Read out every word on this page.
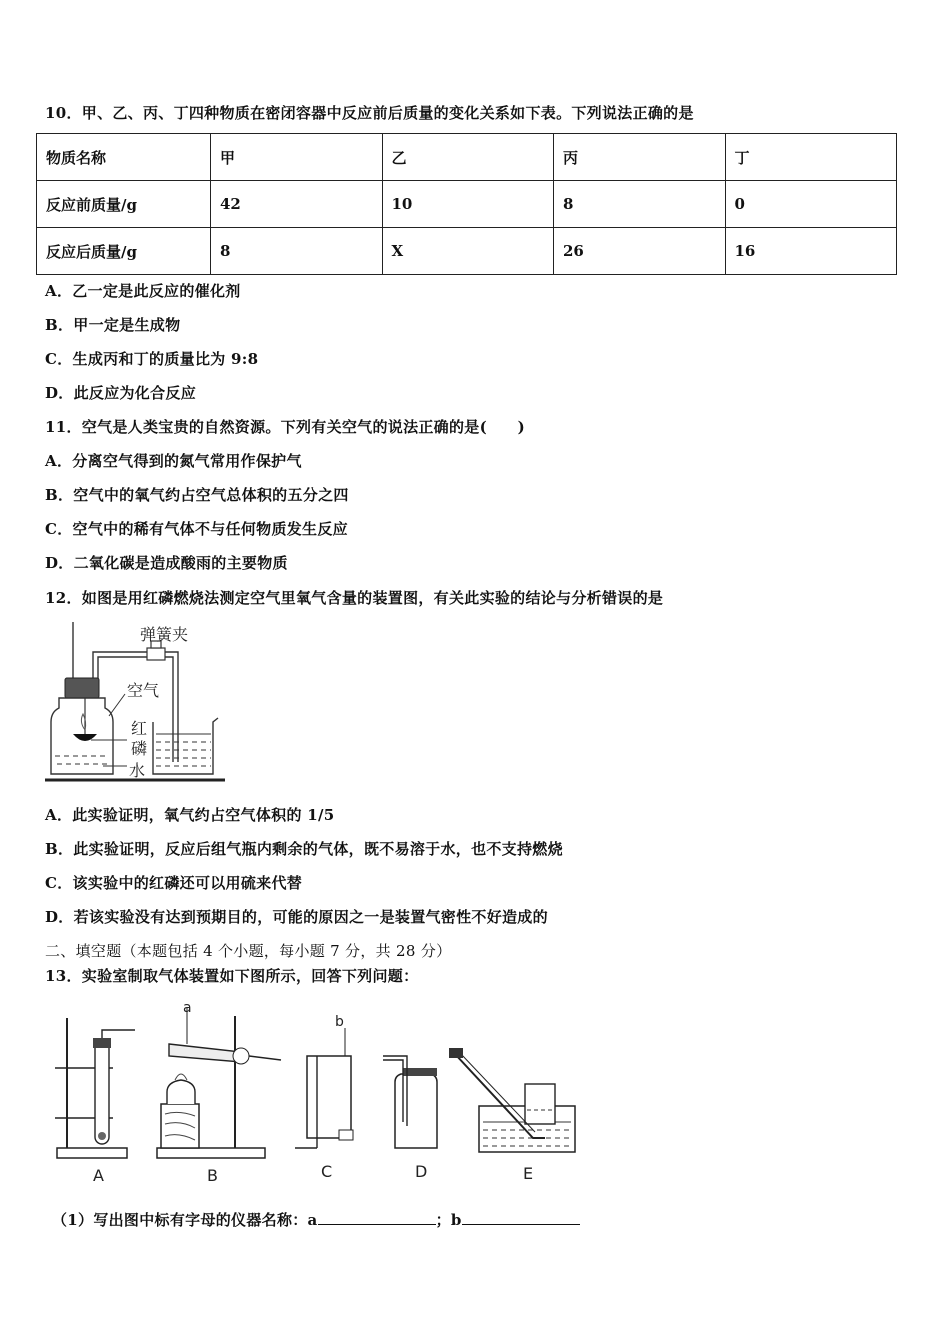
10．甲、乙、丙、丁四种物质在密闭容器中反应前后质量的变化关系如下表。下列说法正确的是
物质名称	甲	乙	丙	丁
反应前质量/g	42	10	8	0
反应后质量/g	8	X	26	16
A．乙一定是此反应的催化剂
B．甲一定是生成物
C．生成丙和丁的质量比为 9:8
D．此反应为化合反应
11．空气是人类宝贵的自然资源。下列有关空气的说法正确的是(　　)
A．分离空气得到的氮气常用作保护气
B．空气中的氧气约占空气总体积的五分之四
C．空气中的稀有气体不与任何物质发生反应
D．二氧化碳是造成酸雨的主要物质
12．如图是用红磷燃烧法测定空气里氧气含量的装置图，有关此实验的结论与分析错误的是
弹簧夹
空气
红
磷
水
A．此实验证明，氧气约占空气体积的 1/5
B．此实验证明，反应后组气瓶内剩余的气体，既不易溶于水，也不支持燃烧
C．该实验中的红磷还可以用硫来代替
D．若该实验没有达到预期目的，可能的原因之一是装置气密性不好造成的
二、填空题（本题包括 4 个小题，每小题 7 分，共 28 分）
13．实验室制取气体装置如下图所示，回答下列问题：
a
b
A	B	C	D	E
（1）写出图中标有字母的仪器名称：a	；b
